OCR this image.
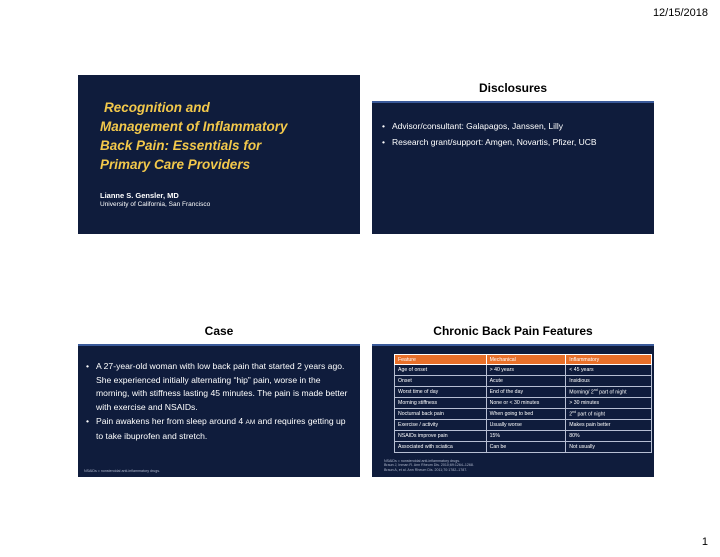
12/15/2018
Recognition and
Management of Inflammatory
Back Pain: Essentials for
Primary Care Providers
Lianne S. Gensler, MD
University of California, San Francisco
Disclosures
• Advisor/consultant: Galapagos, Janssen, Lilly
• Research grant/support: Amgen, Novartis, Pfizer, UCB
Case
• A 27-year-old woman with low back pain that started 2 years ago. She experienced initially alternating “hip” pain, worse in the morning, with stiffness lasting 45 minutes. The pain is made better with exercise and NSAIDs.
• Pain awakens her from sleep around 4 AM and requires getting up to take ibuprofen and stretch.
NSAIDs = nonsteroidal anti-inflammatory drugs.
Chronic Back Pain Features
Feature	Mechanical	Inflammatory
Age of onset	> 40 years	< 45 years
Onset	Acute	Insidious
Worst time of day	End of the day	Morning/ 2nd part of night
Morning stiffness	None or < 30 minutes	> 30 minutes
Nocturnal back pain	When going to bed	2nd part of night
Exercise / activity	Usually worse	Makes pain better
NSAIDs improve pain	15%	80%
Associated with sciatica	Can be	Not usually
NSAIDs = nonsteroidal anti-inflammatory drugs.
Braun J, Inman R. Ann Rheum Dis. 2010;69:1264–1268.
Braun A, et al. Ann Rheum Dis. 2011;70:1782–1787.
1
